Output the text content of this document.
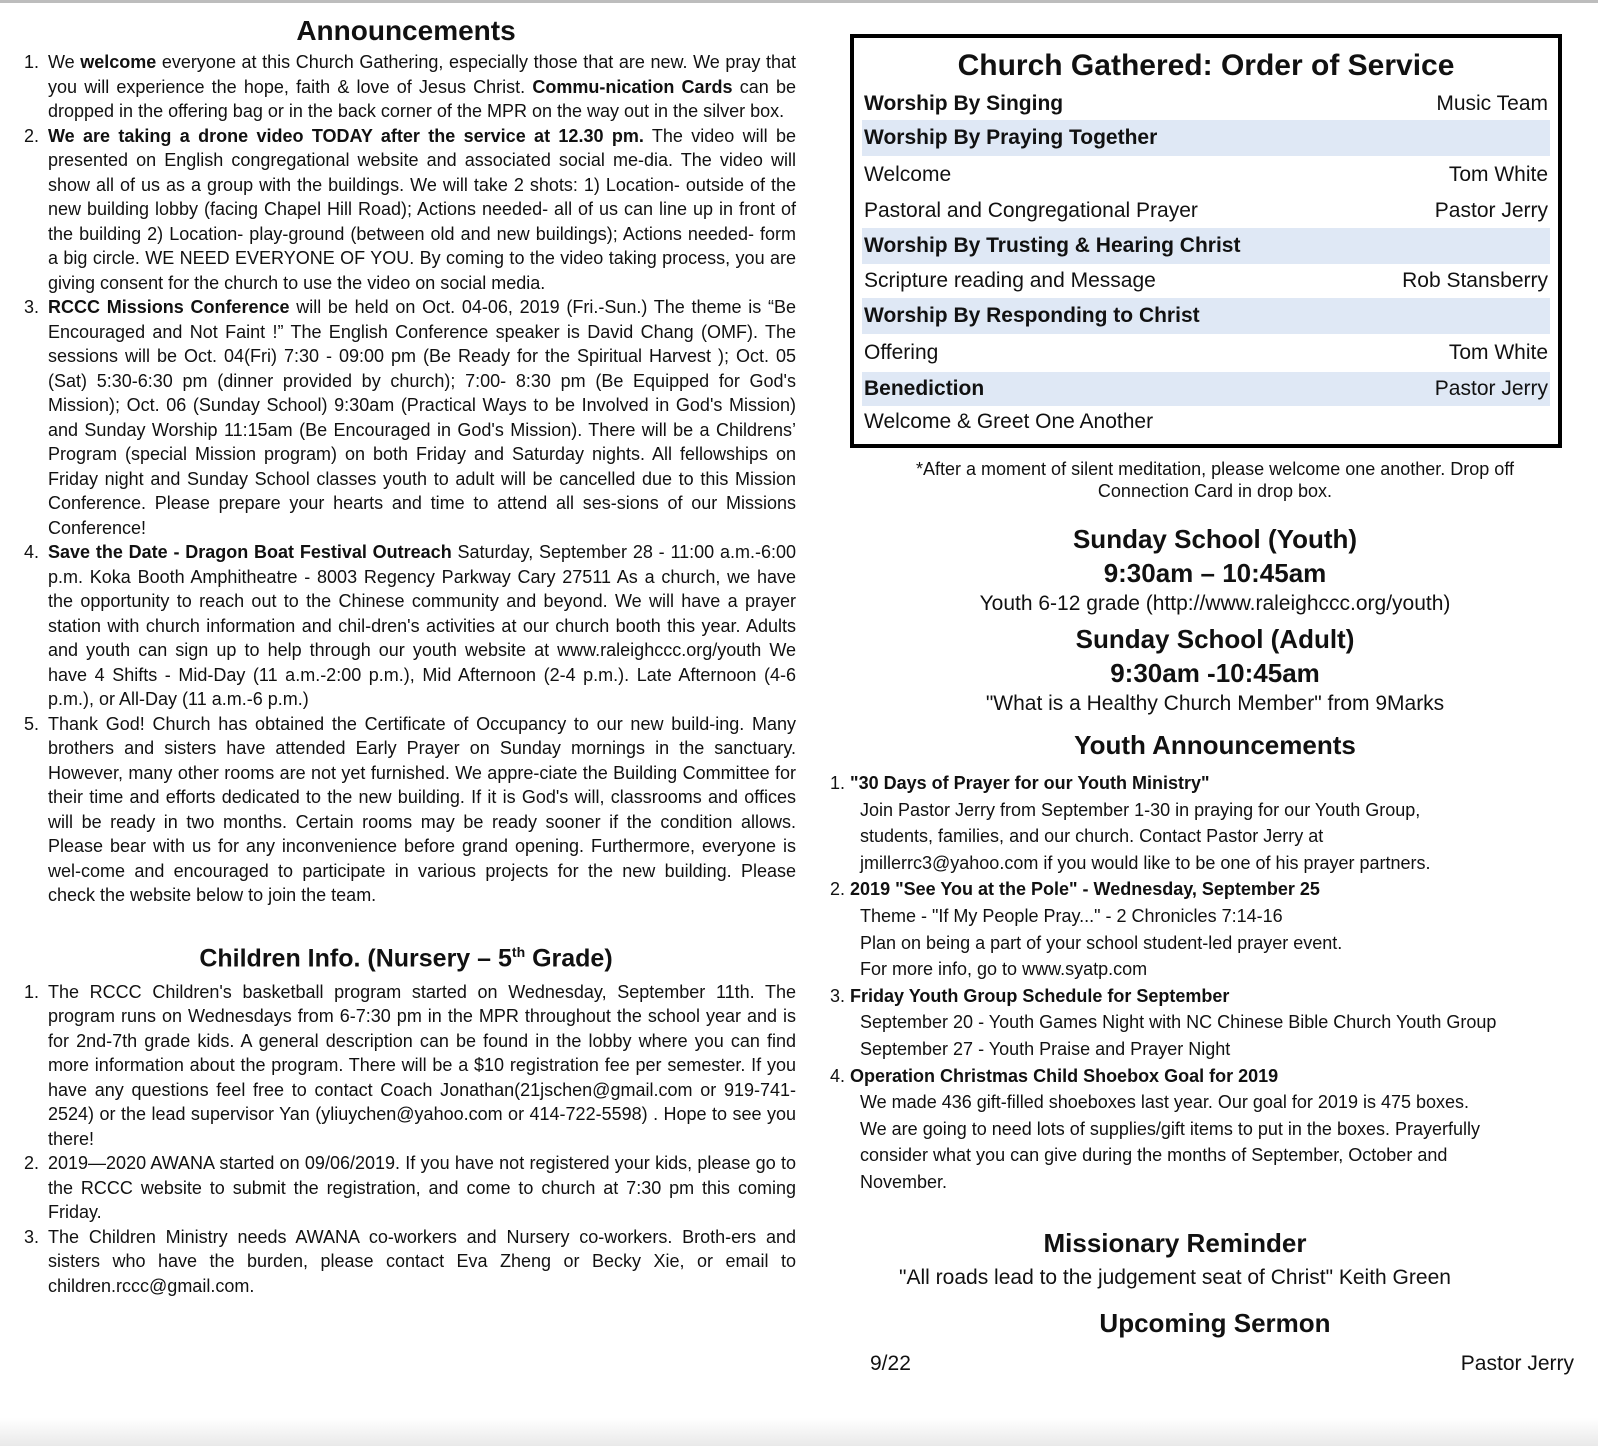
Announcements
1. We welcome everyone at this Church Gathering, especially those that are new. We pray that you will experience the hope, faith & love of Jesus Christ. Commu-nication Cards can be dropped in the offering bag or in the back corner of the MPR on the way out in the silver box.
2. We are taking a drone video TODAY after the service at 12.30 pm. The video will be presented on English congregational website and associated social me-dia. The video will show all of us as a group with the buildings. We will take 2 shots: 1) Location- outside of the new building lobby (facing Chapel Hill Road); Actions needed- all of us can line up in front of the building 2) Location- play-ground (between old and new buildings); Actions needed- form a big circle. WE NEED EVERYONE OF YOU. By coming to the video taking process, you are giving consent for the church to use the video on social media.
3. RCCC Missions Conference will be held on Oct. 04-06, 2019 (Fri.-Sun.) The theme is “Be Encouraged and Not Faint !” The English Conference speaker is David Chang (OMF). The sessions will be Oct. 04(Fri) 7:30 - 09:00 pm (Be Ready for the Spiritual Harvest ); Oct. 05 (Sat) 5:30-6:30 pm (dinner provided by church); 7:00- 8:30 pm (Be Equipped for God's Mission); Oct. 06 (Sunday School) 9:30am (Practical Ways to be Involved in God's Mission) and Sunday Worship 11:15am (Be Encouraged in God's Mission). There will be a Childrens’ Program (special Mission program) on both Friday and Saturday nights. All fellowships on Friday night and Sunday School classes youth to adult will be cancelled due to this Mission Conference. Please prepare your hearts and time to attend all ses-sions of our Missions Conference!
4. Save the Date - Dragon Boat Festival Outreach Saturday, September 28 - 11:00 a.m.-6:00 p.m. Koka Booth Amphitheatre - 8003 Regency Parkway Cary 27511 As a church, we have the opportunity to reach out to the Chinese community and beyond. We will have a prayer station with church information and chil-dren's activities at our church booth this year. Adults and youth can sign up to help through our youth website at www.raleighccc.org/youth We have 4 Shifts - Mid-Day (11 a.m.-2:00 p.m.), Mid Afternoon (2-4 p.m.). Late Afternoon (4-6 p.m.), or All-Day (11 a.m.-6 p.m.)
5. Thank God! Church has obtained the Certificate of Occupancy to our new build-ing. Many brothers and sisters have attended Early Prayer on Sunday mornings in the sanctuary. However, many other rooms are not yet furnished. We appre-ciate the Building Committee for their time and efforts dedicated to the new building. If it is God's will, classrooms and offices will be ready in two months. Certain rooms may be ready sooner if the condition allows. Please bear with us for any inconvenience before grand opening. Furthermore, everyone is wel-come and encouraged to participate in various projects for the new building. Please check the website below to join the team.
Children Info. (Nursery – 5th Grade)
1. The RCCC Children's basketball program started on Wednesday, September 11th. The program runs on Wednesdays from 6-7:30 pm in the MPR throughout the school year and is for 2nd-7th grade kids. A general description can be found in the lobby where you can find more information about the program. There will be a $10 registration fee per semester. If you have any questions feel free to contact Coach Jonathan(21jschen@gmail.com or 919-741-2524) or the lead supervisor Yan (yliuychen@yahoo.com or 414-722-5598) . Hope to see you there!
2. 2019—2020 AWANA started on 09/06/2019. If you have not registered your kids, please go to the RCCC website to submit the registration, and come to church at 7:30 pm this coming Friday.
3. The Children Ministry needs AWANA co-workers and Nursery co-workers. Broth-ers and sisters who have the burden, please contact Eva Zheng or Becky Xie, or email to children.rccc@gmail.com.
Church Gathered: Order of Service
Worship By Singing	Music Team
Worship By Praying Together
Welcome	Tom White
Pastoral and Congregational Prayer	Pastor Jerry
Worship By Trusting & Hearing Christ
Scripture reading and Message	Rob Stansberry
Worship By Responding to Christ
Offering	Tom White
Benediction	Pastor Jerry
Welcome & Greet One Another
*After a moment of silent meditation, please welcome one another. Drop off Connection Card in drop box.
Sunday School (Youth)
9:30am – 10:45am
Youth 6-12 grade (http://www.raleighccc.org/youth)
Sunday School (Adult)
9:30am -10:45am
"What is a Healthy Church Member" from 9Marks
Youth Announcements
1. "30 Days of Prayer for our Youth Ministry"
Join Pastor Jerry from September 1-30 in praying for our Youth Group,
students, families, and our church. Contact Pastor Jerry at
jmillerrc3@yahoo.com if you would like to be one of his prayer partners.
2. 2019 "See You at the Pole" - Wednesday, September 25
Theme - "If My People Pray..." - 2 Chronicles 7:14-16
Plan on being a part of your school student-led prayer event.
For more info, go to www.syatp.com
3. Friday Youth Group Schedule for September
September 20 - Youth Games Night with NC Chinese Bible Church Youth Group
September 27 - Youth Praise and Prayer Night
4. Operation Christmas Child Shoebox Goal for 2019
We made 436 gift-filled shoeboxes last year. Our goal for 2019 is 475 boxes.
We are going to need lots of supplies/gift items to put in the boxes. Prayerfully
consider what you can give during the months of September, October and
November.
Missionary Reminder
"All roads lead to the judgement seat of Christ" Keith Green
Upcoming Sermon
9/22	Pastor Jerry
